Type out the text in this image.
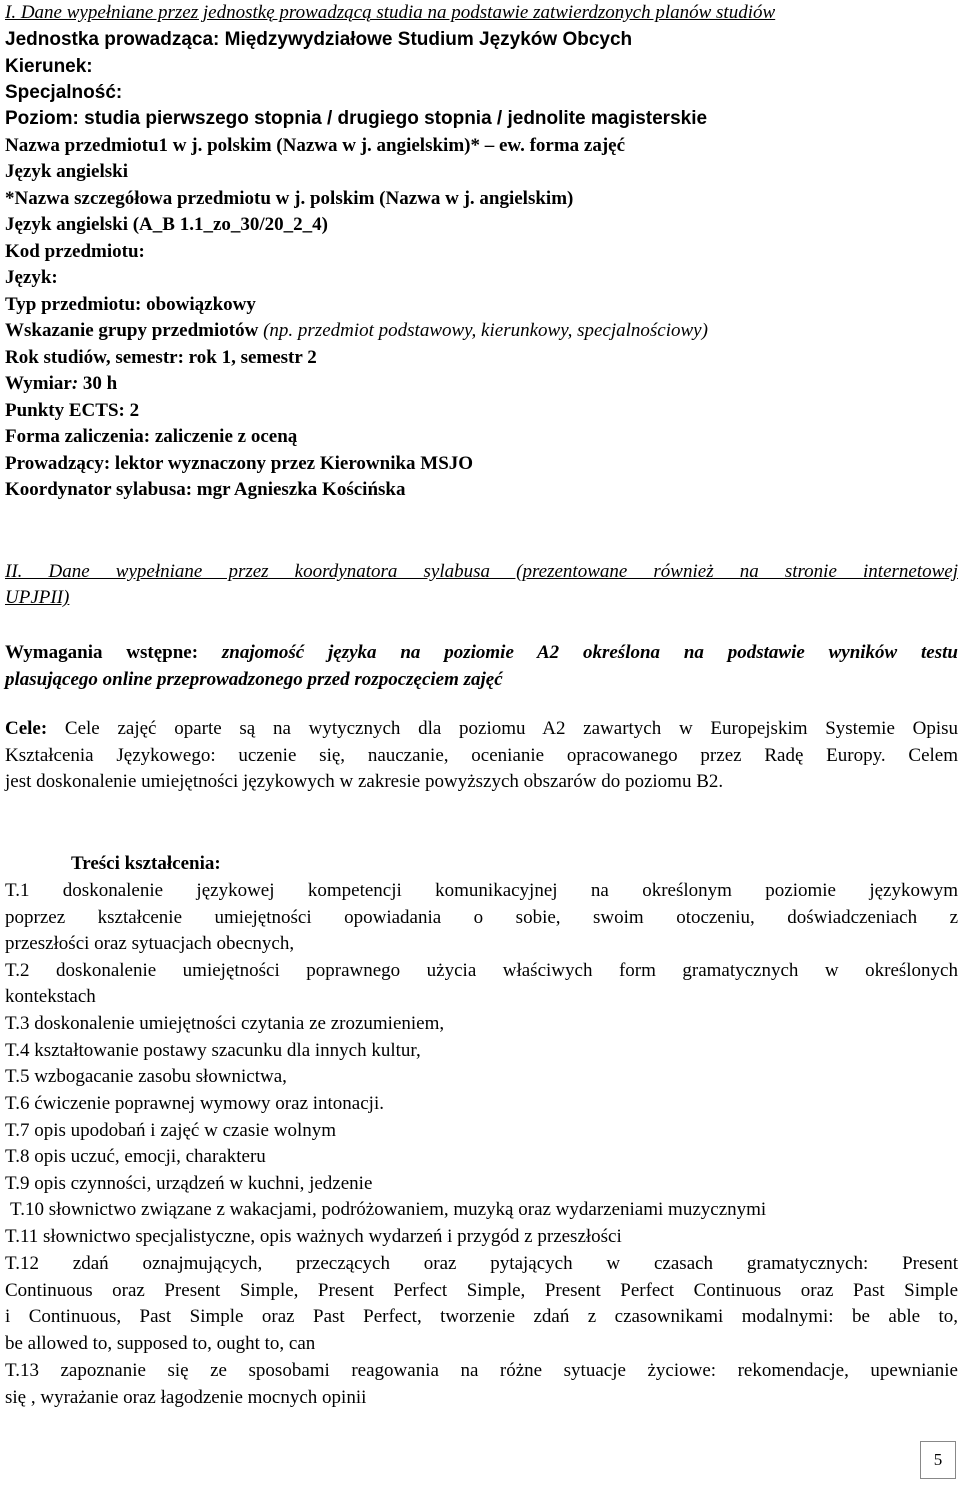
I. Dane wypełniane przez jednostkę prowadzącą studia na podstawie zatwierdzonych planów studiów
Jednostka prowadząca: Międzywydziałowe Studium Języków Obcych
Kierunek:
Specjalność:
Poziom: studia pierwszego stopnia / drugiego stopnia / jednolite magisterskie
Nazwa przedmiotu1 w j. polskim (Nazwa w j. angielskim)* – ew. forma zajęć
Język angielski
*Nazwa szczegółowa przedmiotu w j. polskim (Nazwa w j. angielskim)
Język angielski (A_B 1.1_zo_30/20_2_4)
Kod przedmiotu:
Język:
Typ przedmiotu: obowiązkowy
Wskazanie grupy przedmiotów (np. przedmiot podstawowy, kierunkowy, specjalnościowy)
Rok studiów, semestr: rok 1, semestr 2
Wymiar: 30 h
Punkty ECTS: 2
Forma zaliczenia: zaliczenie z oceną
Prowadzący: lektor wyznaczony przez Kierownika MSJO
Koordynator sylabusa: mgr Agnieszka Kościńska
II. Dane wypełniane przez koordynatora sylabusa (prezentowane również na stronie internetowej
UPJPII)
Wymagania wstępne: znajomość języka na poziomie A2 określona na podstawie wyników testu
plasującego online przeprowadzonego przed rozpoczęciem zajęć
Cele: Cele zajęć oparte są na wytycznych dla poziomu A2 zawartych w Europejskim Systemie Opisu
Kształcenia Językowego: uczenie się, nauczanie, ocenianie opracowanego przez Radę Europy. Celem
jest doskonalenie umiejętności językowych w zakresie powyższych obszarów do poziomu B2.
Treści kształcenia:
T.1 doskonalenie językowej kompetencji komunikacyjnej na określonym poziomie językowym
poprzez kształcenie umiejętności opowiadania o sobie, swoim otoczeniu, doświadczeniach z
przeszłości oraz sytuacjach obecnych,
T.2 doskonalenie umiejętności poprawnego użycia właściwych form gramatycznych w określonych
kontekstach
T.3 doskonalenie umiejętności czytania ze zrozumieniem,
T.4 kształtowanie postawy szacunku dla innych kultur,
T.5 wzbogacanie zasobu słownictwa,
T.6 ćwiczenie poprawnej wymowy oraz intonacji.
T.7 opis upodobań i zajęć w czasie wolnym
T.8 opis uczuć, emocji, charakteru
T.9 opis czynności, urządzeń w kuchni, jedzenie
T.10 słownictwo związane z wakacjami, podróżowaniem, muzyką oraz wydarzeniami muzycznymi
T.11 słownictwo specjalistyczne, opis ważnych wydarzeń i przygód z przeszłości
T.12 zdań oznajmujących, przeczących oraz pytających w czasach gramatycznych: Present
Continuous oraz Present Simple, Present Perfect Simple, Present Perfect Continuous oraz Past Simple
i Continuous, Past Simple oraz Past Perfect, tworzenie zdań z czasownikami modalnymi: be able to,
be allowed to, supposed to, ought to, can
T.13 zapoznanie się ze sposobami reagowania na różne sytuacje życiowe: rekomendacje, upewnianie
się , wyrażanie oraz łagodzenie mocnych opinii
5
